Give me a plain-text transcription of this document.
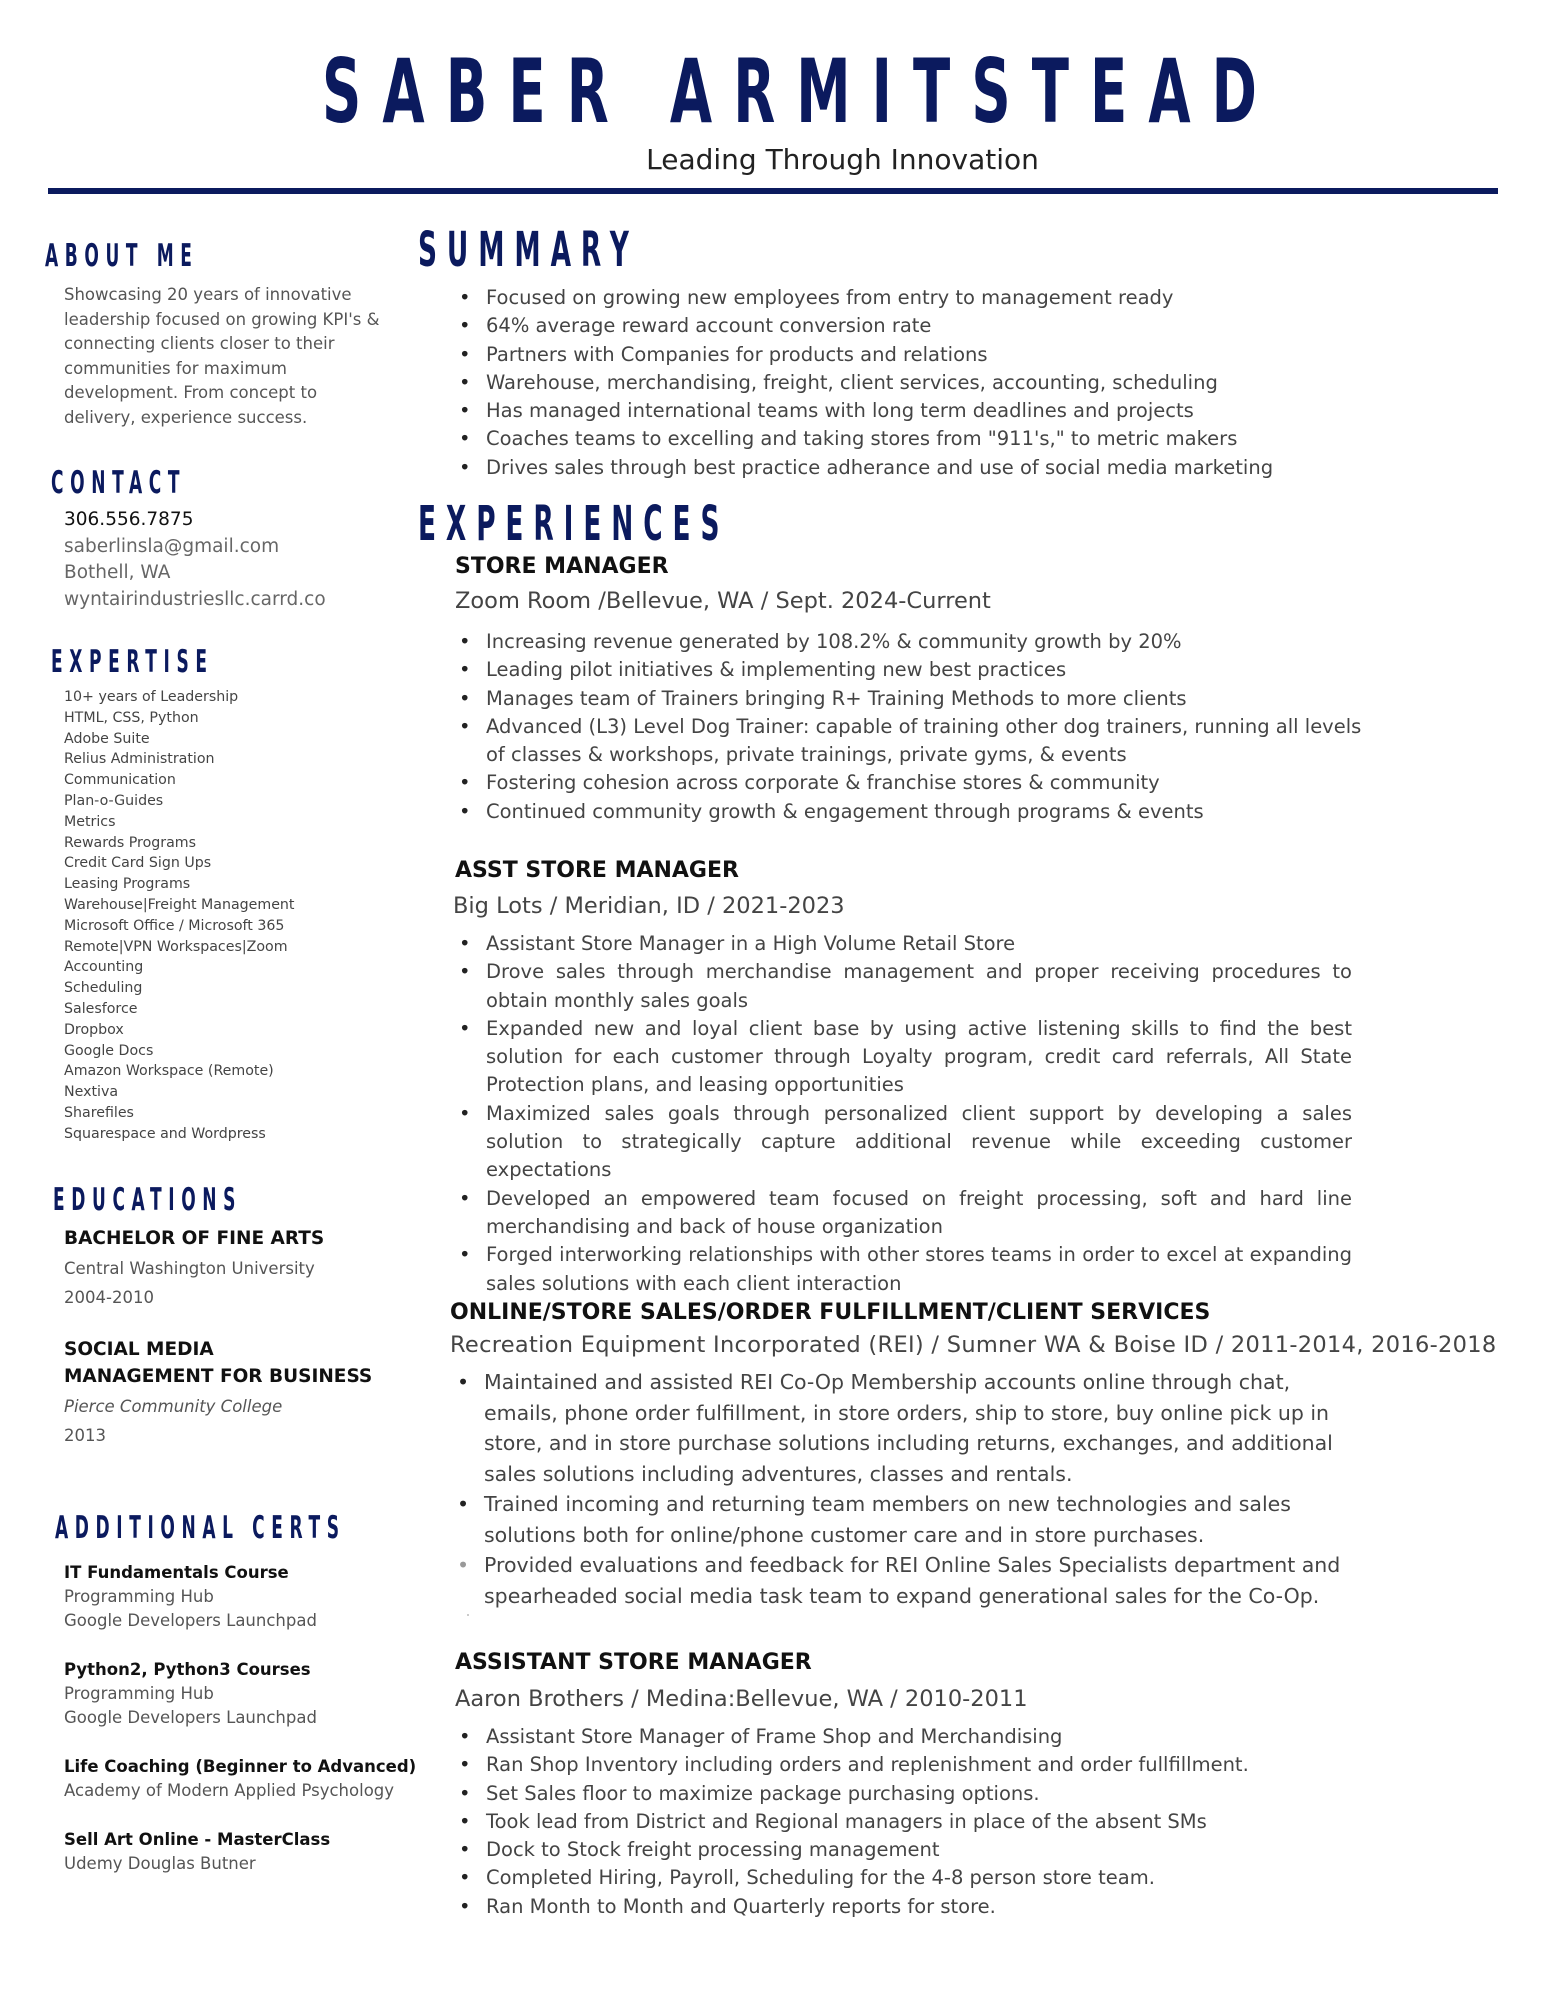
SABER ARMITSTEAD
Leading Through Innovation
ABOUT ME
Showcasing 20 years of innovative leadership focused on growing KPI's & connecting clients closer to their communities for maximum development. From concept to delivery, experience success.
CONTACT
306.556.7875
saberlinsla@gmail.com
Bothell, WA
wyntairindustriesllc.carrd.co
EXPERTISE
10+ years of Leadership
HTML, CSS, Python
Adobe Suite
Relius Administration
Communication
Plan-o-Guides
Metrics
Rewards Programs
Credit Card Sign Ups
Leasing Programs
Warehouse|Freight Management
Microsoft Office / Microsoft 365
Remote|VPN Workspaces|Zoom
Accounting
Scheduling
Salesforce
Dropbox
Google Docs
Amazon Workspace (Remote)
Nextiva
Sharefiles
Squarespace and Wordpress
EDUCATIONS
BACHELOR OF FINE ARTS
Central Washington University
2004-2010
SOCIAL MEDIA
MANAGEMENT FOR BUSINESS
Pierce Community College
2013
ADDITIONAL CERTS
IT Fundamentals Course
Programming Hub
Google Developers Launchpad
Python2, Python3 Courses
Programming Hub
Google Developers Launchpad
Life Coaching (Beginner to Advanced)
Academy of Modern Applied Psychology
Sell Art Online - MasterClass
Udemy Douglas Butner
SUMMARY
• Focused on growing new employees from entry to management ready
• 64% average reward account conversion rate
• Partners with Companies for products and relations
• Warehouse, merchandising, freight, client services, accounting, scheduling
• Has managed international teams with long term deadlines and projects
• Coaches teams to excelling and taking stores from "911's," to metric makers
• Drives sales through best practice adherance and use of social media marketing
EXPERIENCES
STORE MANAGER

Zoom Room /Bellevue, WA / Sept. 2024-Current

• Increasing revenue generated by 108.2% & community growth by 20%
• Leading pilot initiatives & implementing new best practices
• Manages team of Trainers bringing R+ Training Methods to more clients
• Advanced (L3) Level Dog Trainer: capable of training other dog trainers, running all levels of classes & workshops, private trainings, private gyms, & events
• Fostering cohesion across corporate & franchise stores & community
• Continued community growth & engagement through programs & events
ASST STORE MANAGER

Big Lots / Meridian, ID / 2021-2023

• Assistant Store Manager in a High Volume Retail Store
• Drove sales through merchandise management and proper receiving procedures to obtain monthly sales goals
• Expanded new and loyal client base by using active listening skills to find the best solution for each customer through Loyalty program, credit card referrals, All State Protection plans, and leasing opportunities
• Maximized sales goals through personalized client support by developing a sales solution to strategically capture additional revenue while exceeding customer expectations
• Developed an empowered team focused on freight processing, soft and hard line merchandising and back of house organization
• Forged interworking relationships with other stores teams in order to excel at expanding sales solutions with each client interaction
ONLINE/STORE SALES/ORDER FULFILLMENT/CLIENT SERVICES

Recreation Equipment Incorporated (REI) / Sumner WA & Boise ID / 2011-2014, 2016-2018

• Maintained and assisted REI Co-Op Membership accounts online through chat, emails, phone order fulfillment, in store orders, ship to store, buy online pick up in store, and in store purchase solutions including returns, exchanges, and additional sales solutions including adventures, classes and rentals.
• Trained incoming and returning team members on new technologies and sales solutions both for online/phone customer care and in store purchases.
• Provided evaluations and feedback for REI Online Sales Specialists department and spearheaded social media task team to expand generational sales for the Co-Op.
ASSISTANT STORE MANAGER

Aaron Brothers / Medina:Bellevue, WA / 2010-2011

• Assistant Store Manager of Frame Shop and Merchandising
• Ran Shop Inventory including orders and replenishment and order fullfillment.
• Set Sales floor to maximize package purchasing options.
• Took lead from District and Regional managers in place of the absent SMs
• Dock to Stock freight processing management
• Completed Hiring, Payroll, Scheduling for the 4-8 person store team.
• Ran Month to Month and Quarterly reports for store.
